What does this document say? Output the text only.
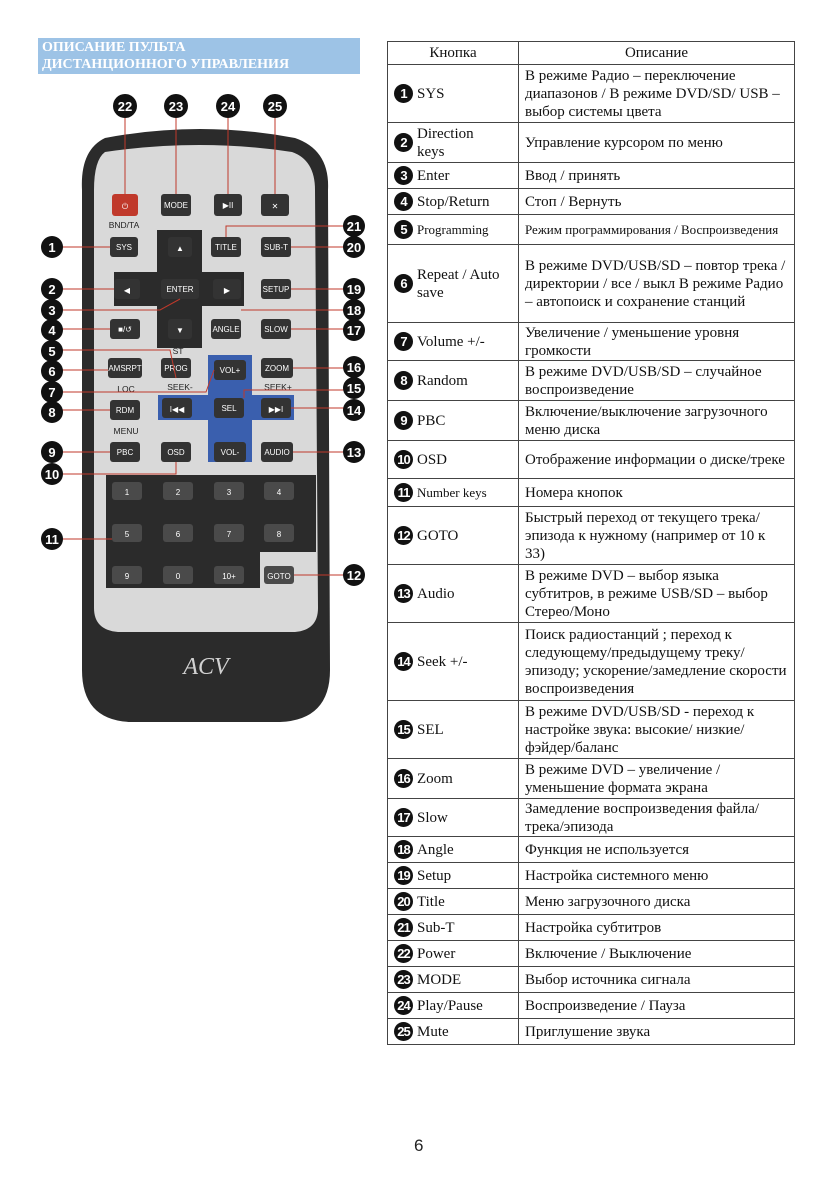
ОПИСАНИЕ ПУЛЬТА
ДИСТАНЦИОННОГО УПРАВЛЕНИЯ
⏻	MODE	▶II	✕
BND/TA
SYS	▲	TITLE	SUB-T
◀	ENTER	▶	SETUP
■/↺	▼	ANGLE	SLOW
ST
AMSRPT	PROG	VOL+	ZOOM
LOC	SEEK-	SEEK+
RDM	I◀◀	SEL	▶▶I
MENU
PBC	OSD	VOL-	AUDIO
1	2	3	4
5	6	7	8
9	0	10+	GOTO
ACV
22	23	24	25
1
2
3
4
5
6
7
8
9
10
11
12
13
14
15
16
17
18
19
20
21
Кнопка	Описание
1 SYS	В режиме Радио – переключение диапазонов / В режиме DVD/SD/ USB – выбор системы цвета
2Direction keys	Управление курсором по меню
3 Enter	Ввод / принять
4 Stop/Return	Стоп / Вернуть
5 Programming	Режим программирования / Воспроизведения
6Repeat / Auto save	В режиме DVD/USB/SD – повтор трека / директории / все / выкл В режиме Радио – автопоиск и сохранение станций
7 Volume +/-	Увеличение / уменьшение уровня громкости
8 Random	В режиме DVD/USB/SD – случайное воспроизведение
9 PBC	Включение/выключение загрузочного меню диска
10 OSD	Отображение информации о диске/треке
11 Number keys	Номера кнопок
12 GOTO	Быстрый переход от текущего трека/эпизода к нужному (например от 10 к 33)
13 Audio	В режиме DVD – выбор языка субтитров, в режиме USB/SD – выбор Стерео/Моно
14 Seek +/-	Поиск радиостанций ; переход к следующему/предыдущему треку/ эпизоду; ускорение/замедление скорости воспроизведения
15 SEL	В режиме DVD/USB/SD - переход к настройке звука: высокие/ низкие/фэйдер/баланс
16 Zoom	В режиме DVD – увеличение / уменьшение формата экрана
17 Slow	Замедление воспроизведения файла/трека/эпизода
18 Angle	Функция не используется
19 Setup	Настройка системного меню
20 Title	Меню загрузочного диска
21 Sub-T	Настройка субтитров
22 Power	Включение / Выключение
23 MODE	Выбор источника сигнала
24 Play/Pause	Воспроизведение / Пауза
25 Mute	Приглушение звука
6
